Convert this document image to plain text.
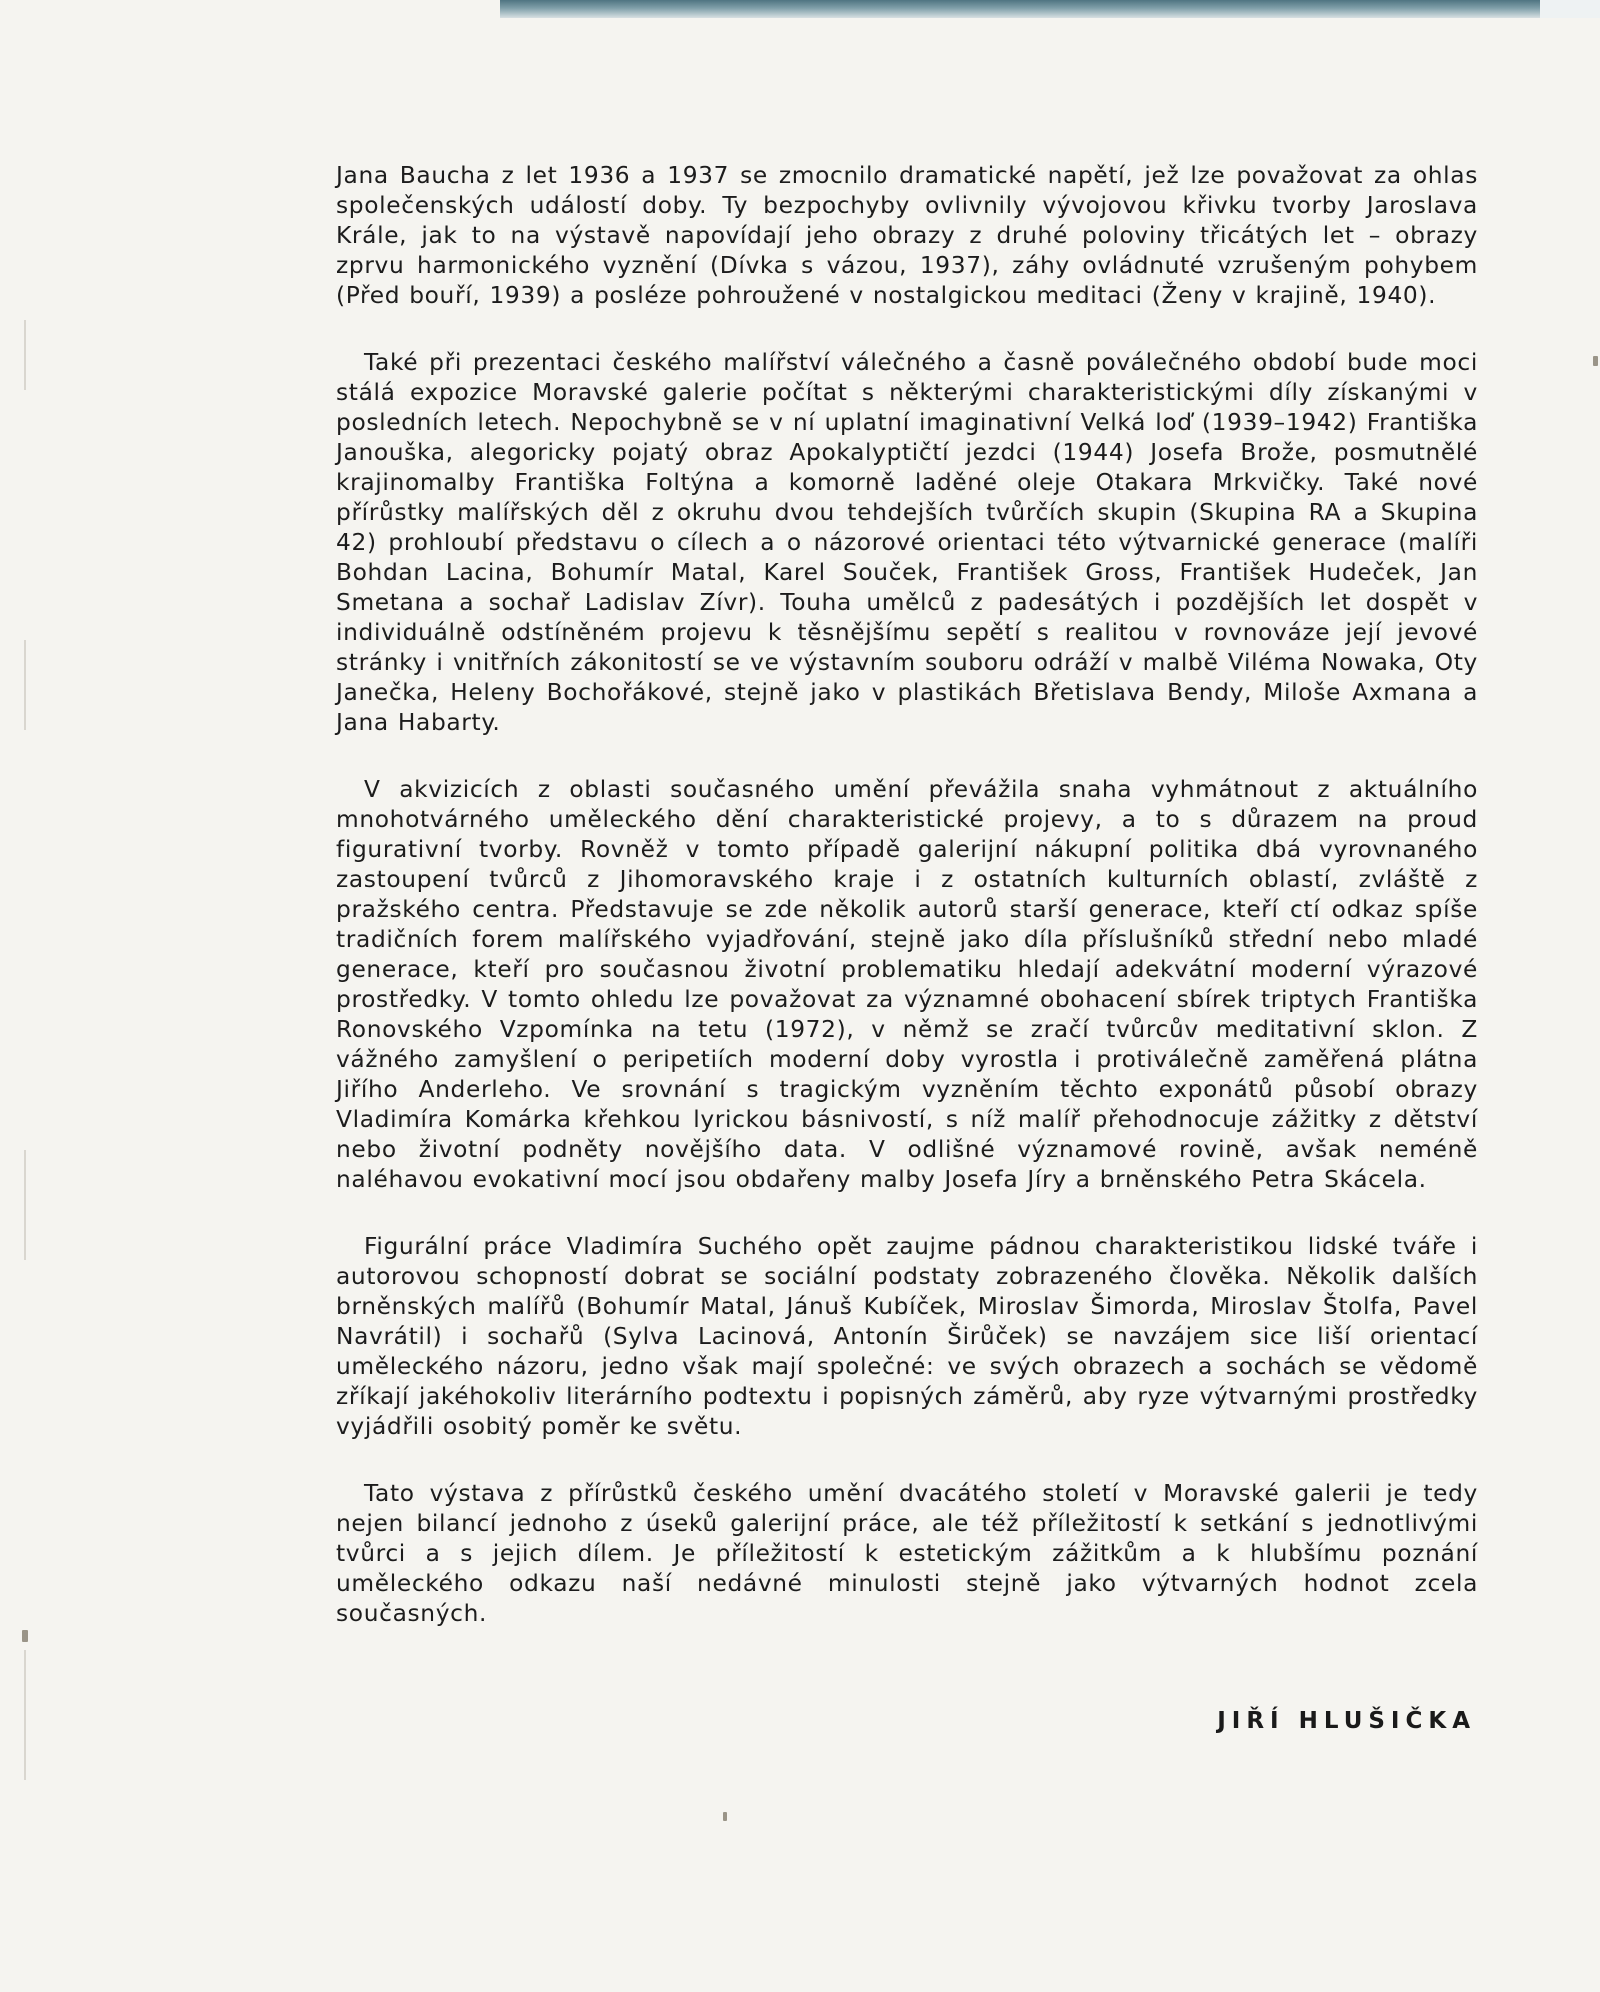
Jana Baucha z let 1936 a 1937 se zmocnilo dramatické napětí, jež lze považovat za ohlas společenských událostí doby. Ty bezpochyby ovlivnily vývojovou křivku tvorby Jaroslava Krále, jak to na výstavě napovídají jeho obrazy z druhé poloviny třicátých let – obrazy zprvu harmonického vyznění (Dívka s vázou, 1937), záhy ovládnuté vzrušeným pohybem (Před bouří, 1939) a posléze pohroužené v nostalgickou meditaci (Ženy v krajině, 1940).

Také při prezentaci českého malířství válečného a časně poválečného období bude moci stálá expozice Moravské galerie počítat s některými charakteristickými díly získanými v posledních letech. Nepochybně se v ní uplatní imaginativní Velká loď (1939–1942) Františka Janouška, alegoricky pojatý obraz Apokalyptičtí jezdci (1944) Josefa Brože, posmutnělé krajinomalby Františka Foltýna a komorně laděné oleje Otakara Mrkvičky. Také nové přírůstky malířských děl z okruhu dvou tehdejších tvůrčích skupin (Skupina RA a Skupina 42) prohloubí představu o cílech a o názorové orientaci této výtvarnické generace (malíři Bohdan Lacina, Bohumír Matal, Karel Souček, František Gross, František Hudeček, Jan Smetana a sochař Ladislav Zívr). Touha umělců z padesátých i pozdějších let dospět v individuálně odstíněném projevu k těsnějšímu sepětí s realitou v rovnováze její jevové stránky i vnitřních zákonitostí se ve výstavním souboru odráží v malbě Viléma Nowaka, Oty Janečka, Heleny Bochořákové, stejně jako v plastikách Břetislava Bendy, Miloše Axmana a Jana Habarty.

V akvizicích z oblasti současného umění převážila snaha vyhmátnout z aktuálního mnohotvárného uměleckého dění charakteristické projevy, a to s důrazem na proud figurativní tvorby. Rovněž v tomto případě galerijní nákupní politika dbá vyrovnaného zastoupení tvůrců z Jihomoravského kraje i z ostatních kulturních oblastí, zvláště z pražského centra. Představuje se zde několik autorů starší generace, kteří ctí odkaz spíše tradičních forem malířského vyjadřování, stejně jako díla příslušníků střední nebo mladé generace, kteří pro současnou životní problematiku hledají adekvátní moderní výrazové prostředky. V tomto ohledu lze považovat za významné obohacení sbírek triptych Františka Ronovského Vzpomínka na tetu (1972), v němž se zračí tvůrcův meditativní sklon. Z vážného zamyšlení o peripetiích moderní doby vyrostla i protiválečně zaměřená plátna Jiřího Anderleho. Ve srovnání s tragickým vyzněním těchto exponátů působí obrazy Vladimíra Komárka křehkou lyrickou básnivostí, s níž malíř přehodnocuje zážitky z dětství nebo životní podněty novějšího data. V odlišné významové rovině, avšak neméně naléhavou evokativní mocí jsou obdařeny malby Josefa Jíry a brněnského Petra Skácela.

Figurální práce Vladimíra Suchého opět zaujme pádnou charakteristikou lidské tváře i autorovou schopností dobrat se sociální podstaty zobrazeného člověka. Několik dalších brněnských malířů (Bohumír Matal, Jánuš Kubíček, Miroslav Šimorda, Miroslav Štolfa, Pavel Navrátil) i sochařů (Sylva Lacinová, Antonín Širůček) se navzájem sice liší orientací uměleckého názoru, jedno však mají společné: ve svých obrazech a sochách se vědomě zříkají jakéhokoliv literárního podtextu i popisných záměrů, aby ryze výtvarnými prostředky vyjádřili osobitý poměr ke světu.

Tato výstava z přírůstků českého umění dvacátého století v Moravské galerii je tedy nejen bilancí jednoho z úseků galerijní práce, ale též příležitostí k setkání s jednotlivými tvůrci a s jejich dílem. Je příležitostí k estetickým zážitkům a k hlubšímu poznání uměleckého odkazu naší nedávné minulosti stejně jako výtvarných hodnot zcela současných.

JIŘÍ HLUŠIČKA
